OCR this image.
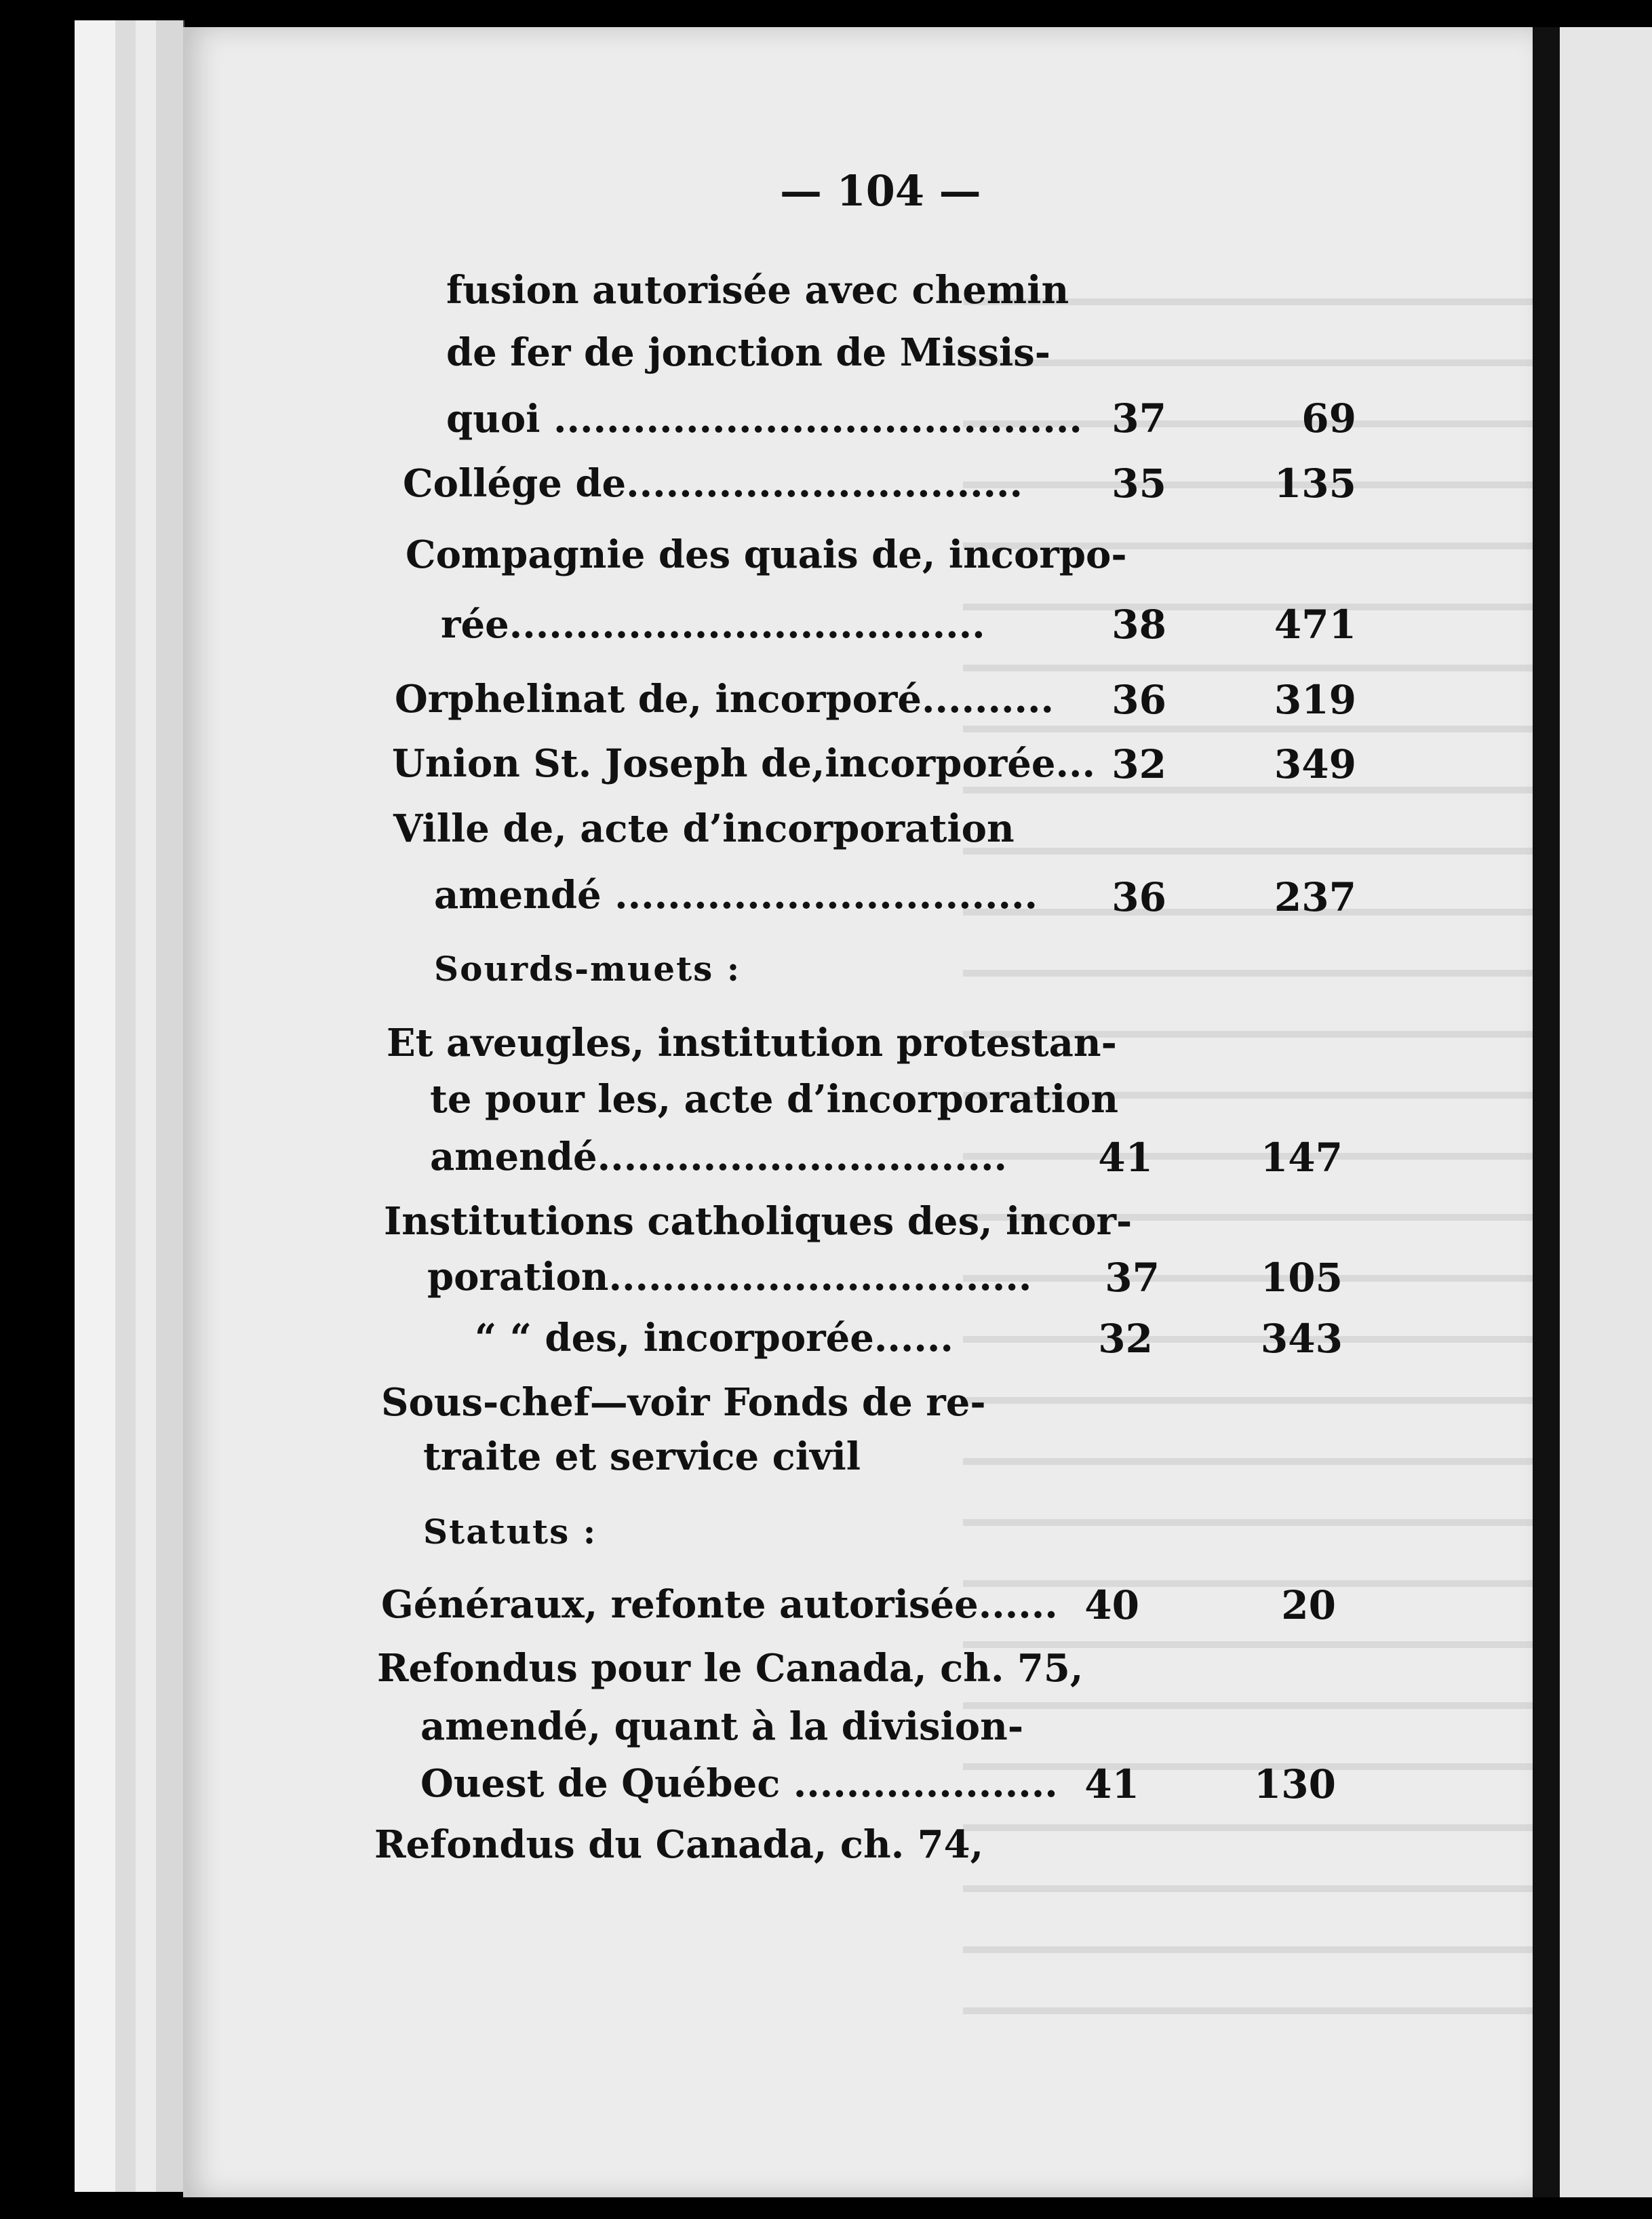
— 104 —
fusion autorisée avec chemin
de fer de jonction de Missis-
quoi ........................................ 37	69
Collége de..............................	35	135
Compagnie des quais de, incorpo-
rée....................................	38	471
Orphelinat de, incorporé..........	36	319
Union St. Joseph de,incorporée... 32	349
Ville de, acte d’incorporation
amendé ................................	36	237
Sourds-muets :
Et aveugles, institution protestan-
te pour les, acte d’incorporation
amendé...............................	41	147
Institutions catholiques des, incor-
poration................................	37	105
“ “ des, incorporée......	32	343
Sous-chef—voir Fonds de re-
traite et service civil
Statuts :
Généraux, refonte autorisée...... 40	20
Refondus pour le Canada, ch. 75,
amendé, quant à la division-
Ouest de Québec .................... 41	130
Refondus du Canada, ch. 74,
